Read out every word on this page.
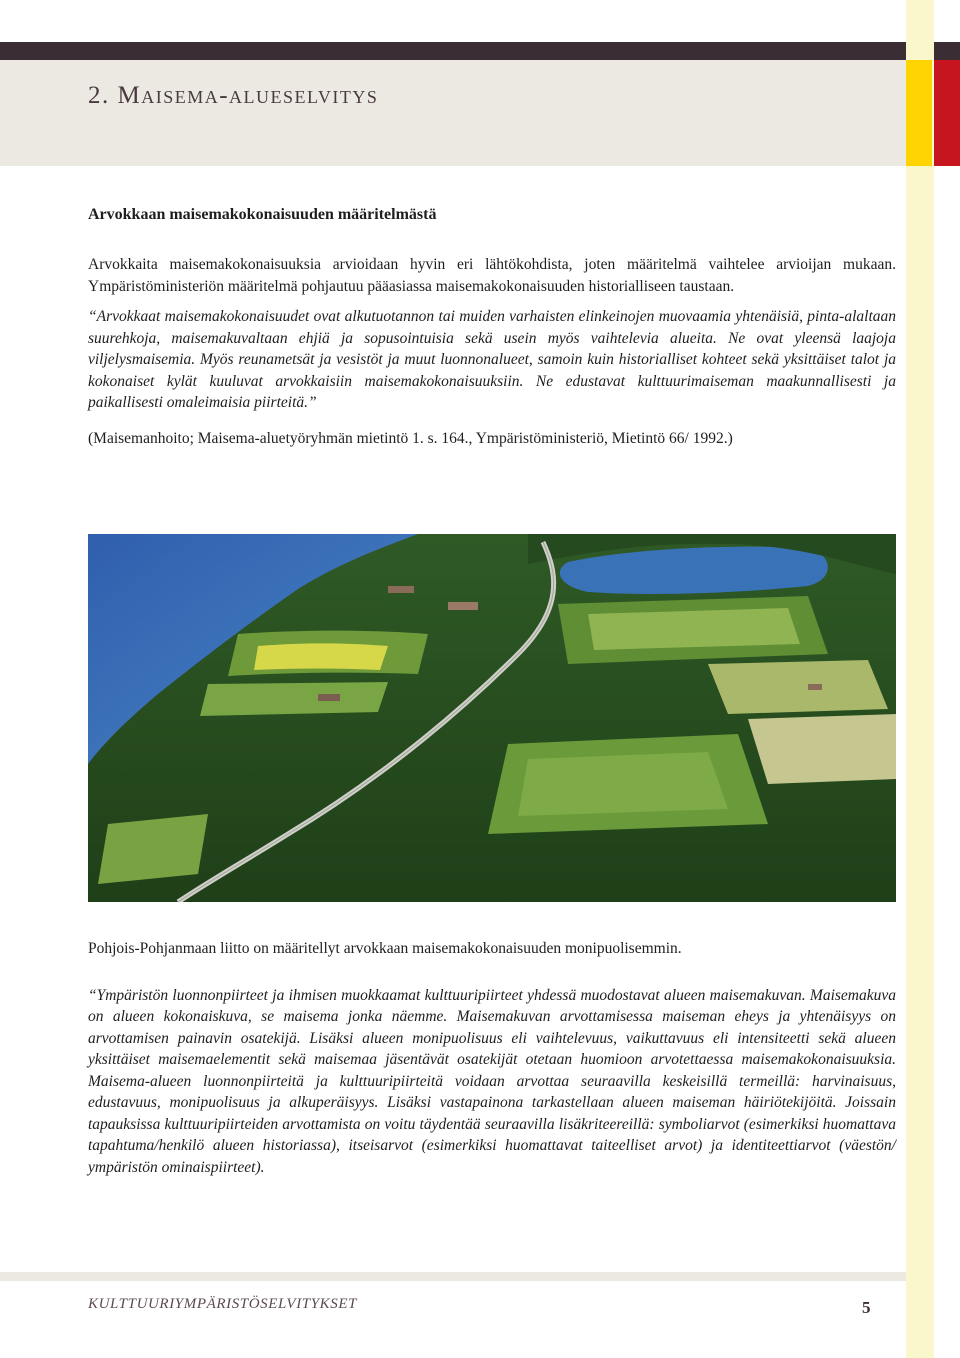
2. Maisema-alueselvitys
Arvokkaan maisemakokonaisuuden määritelmästä

Arvokkaita maisemakokonaisuuksia arvioidaan hyvin eri lähtökohdista, joten määritelmä vaihtelee arvioijan mukaan. Ympäristöministeriön määritelmä pohjautuu pääasiassa maisemakokonaisuuden historialliseen taustaan.

“Arvokkaat maisemakokonaisuudet ovat alkutuotannon tai muiden varhaisten elinkeinojen muovaamia yhtenäisiä, pinta-alaltaan suurehkoja, maisemakuvaltaan ehjiä ja sopusointuisia sekä usein myös vaihtelevia alueita. Ne ovat yleensä laajoja viljelysmaisemia. Myös reunametsät ja vesistöt ja muut luonnonalueet, samoin kuin historialliset kohteet sekä yksittäiset talot ja kokonaiset kylät kuuluvat arvokkaisiin maisemakokonaisuuksiin. Ne edustavat kulttuurimaiseman maakunnallisesti ja paikallisesti omaleimaisia piirteitä.”

(Maisemanhoito; Maisema-aluetyöryhmän mietintö 1. s. 164., Ympäristöministeriö, Mietintö 66/ 1992.)

Pohjois-Pohjanmaan liitto on määritellyt arvokkaan maisemakokonaisuuden monipuolisemmin.

“Ympäristön luonnonpiirteet ja ihmisen muokkaamat kulttuuripiirteet yhdessä muodostavat alueen maisemakuvan. Maisemakuva on alueen kokonaiskuva, se maisema jonka näemme. Maisemakuvan arvottamisessa maiseman eheys ja yhtenäisyys on arvottamisen painavin osatekijä. Lisäksi alueen monipuolisuus eli vaihtelevuus, vaikuttavuus eli intensiteetti sekä alueen yksittäiset maisemaelementit sekä maisemaa jäsentävät osatekijät otetaan huomioon arvotettaessa maisemakokonaisuuksia. Maisema-alueen luonnonpiirteitä ja kulttuuripiirteitä voidaan arvottaa seuraavilla keskeisillä termeillä: harvinaisuus, edustavuus, monipuolisuus ja alkuperäisyys. Lisäksi vastapainona tarkastellaan alueen maiseman häiriötekijöitä. Joissain tapauksissa kulttuuripiirteiden arvottamista on voitu täydentää seuraavilla lisäkriteereillä: symboliarvot (esimerkiksi huomattava tapahtuma/henkilö alueen historiassa), itseisarvot (esimerkiksi huomattavat taiteelliset arvot) ja identiteettiarvot (väestön/ ympäristön ominaispiirteet).

KULTTUURIYMPÄRISTÖSELVITYKSET	5
